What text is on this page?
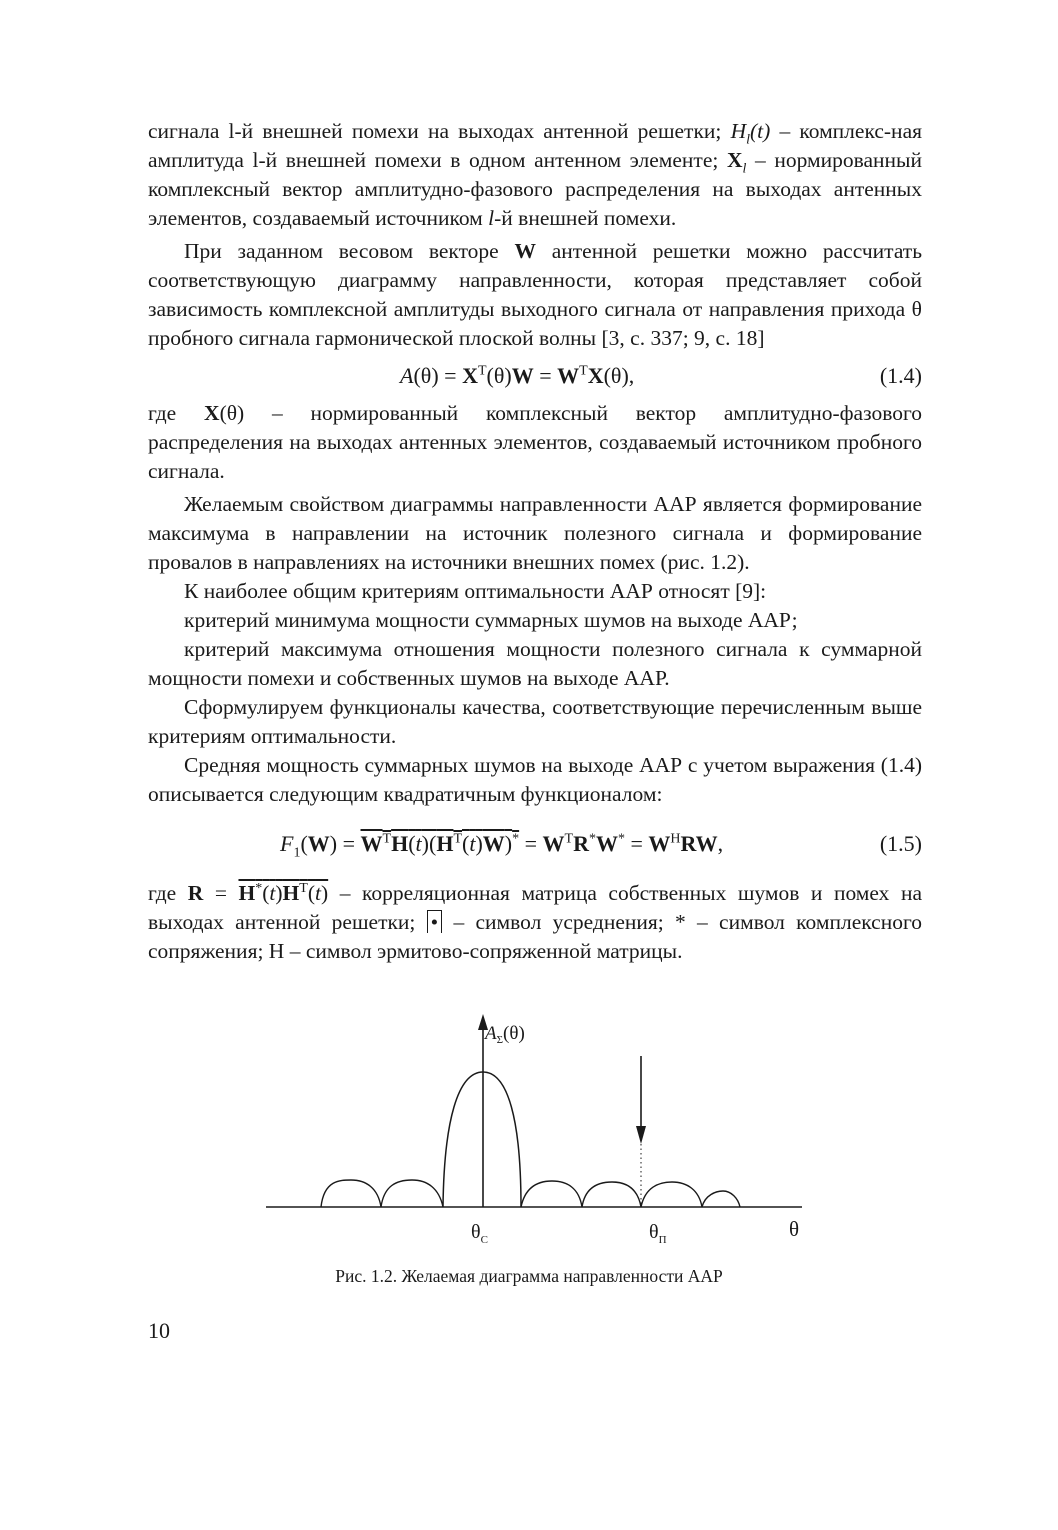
сигнала l-й внешней помехи на выходах антенной решетки; $H_l(t)$ – комплекс-ная амплитуда l-й внешней помехи в одном антенном элементе; $X_l$ – нормированный комплексный вектор амплитудно-фазового распределения на выходах антенных элементов, создаваемый источником l-й внешней помехи.

При заданном весовом векторе W антенной решетки можно рассчитать соответствующую диаграмму направленности, которая представляет собой зависимость комплексной амплитуды выходного сигнала от направления прихода θ пробного сигнала гармонической плоской волны [3, с. 337; 9, с. 18]

$A(\theta) = X^T(\theta)W = W^TX(\theta)$,	(1.4)

где X(θ) – нормированный комплексный вектор амплитудно-фазового распределения на выходах антенных элементов, создаваемый источником пробного сигнала.

Желаемым свойством диаграммы направленности ААР является формирование максимума в направлении на источник полезного сигнала и формирование провалов в направлениях на источники внешних помех (рис. 1.2).

К наиболее общим критериям оптимальности ААР относят [9]:

критерий минимума мощности суммарных шумов на выходе ААР;

критерий максимума отношения мощности полезного сигнала к суммарной мощности помехи и собственных шумов на выходе ААР.

Сформулируем функционалы качества, соответствующие перечисленным выше критериям оптимальности.

Средняя мощность суммарных шумов на выходе ААР с учетом выражения (1.4) описывается следующим квадратичным функционалом:

$F_1(W) = W^TH(t)(H^T(t)W)^* = W^TR^*W^* = W^HRW$,	(1.5)

где $R = H^*(t)H^T(t)$ – корреляционная матрица собственных шумов и помех на выходах антенной решетки; • – символ усреднения; * – символ комплексного сопряжения; Н – символ эрмитово-сопряженной матрицы.

$A_\Sigma(\theta)$
$\theta_С$	$\theta_П$	θ
Рис. 1.2. Желаемая диаграмма направленности ААР
10
